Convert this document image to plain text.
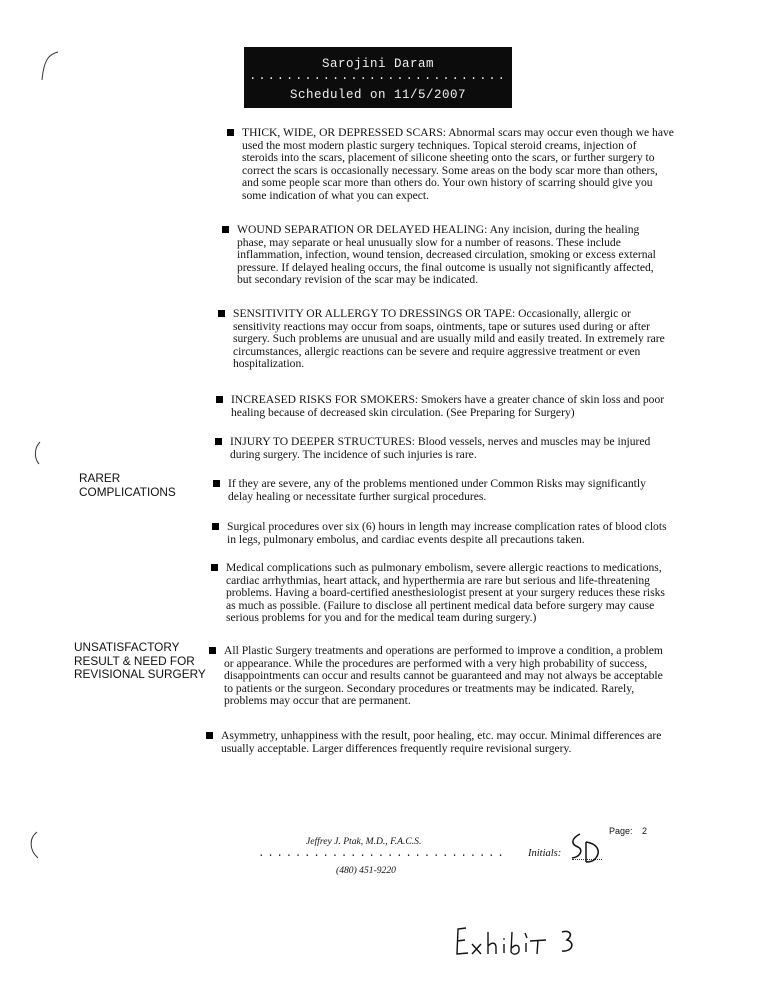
Sarojini Daram
............................
Scheduled on 11/5/2007
THICK, WIDE, OR DEPRESSED SCARS: Abnormal scars may occur even though we have used the most modern plastic surgery techniques. Topical steroid creams, injection of steroids into the scars, placement of silicone sheeting onto the scars, or further surgery to correct the scars is occasionally necessary. Some areas on the body scar more than others, and some people scar more than others do. Your own history of scarring should give you some indication of what you can expect.
WOUND SEPARATION OR DELAYED HEALING: Any incision, during the healing phase, may separate or heal unusually slow for a number of reasons. These include inflammation, infection, wound tension, decreased circulation, smoking or excess external pressure. If delayed healing occurs, the final outcome is usually not significantly affected, but secondary revision of the scar may be indicated.
SENSITIVITY OR ALLERGY TO DRESSINGS OR TAPE: Occasionally, allergic or sensitivity reactions may occur from soaps, ointments, tape or sutures used during or after surgery. Such problems are unusual and are usually mild and easily treated. In extremely rare circumstances, allergic reactions can be severe and require aggressive treatment or even hospitalization.
INCREASED RISKS FOR SMOKERS: Smokers have a greater chance of skin loss and poor healing because of decreased skin circulation. (See Preparing for Surgery)
INJURY TO DEEPER STRUCTURES: Blood vessels, nerves and muscles may be injured during surgery. The incidence of such injuries is rare.
RARER COMPLICATIONS
If they are severe, any of the problems mentioned under Common Risks may significantly delay healing or necessitate further surgical procedures.
Surgical procedures over six (6) hours in length may increase complication rates of blood clots in legs, pulmonary embolus, and cardiac events despite all precautions taken.
Medical complications such as pulmonary embolism, severe allergic reactions to medications, cardiac arrhythmias, heart attack, and hyperthermia are rare but serious and life-threatening problems. Having a board-certified anesthesiologist present at your surgery reduces these risks as much as possible. (Failure to disclose all pertinent medical data before surgery may cause serious problems for you and for the medical team during surgery.)
UNSATISFACTORY RESULT & NEED FOR REVISIONAL SURGERY
All Plastic Surgery treatments and operations are performed to improve a condition, a problem or appearance. While the procedures are performed with a very high probability of success, disappointments can occur and results cannot be guaranteed and may not always be acceptable to patients or the surgeon. Secondary procedures or treatments may be indicated. Rarely, problems may occur that are permanent.
Asymmetry, unhappiness with the result, poor healing, etc. may occur. Minimal differences are usually acceptable. Larger differences frequently require revisional surgery.
Jeffrey J. Ptak, M.D., F.A.C.S.
...........................
(480) 451-9220
Initials:
Page: 2
